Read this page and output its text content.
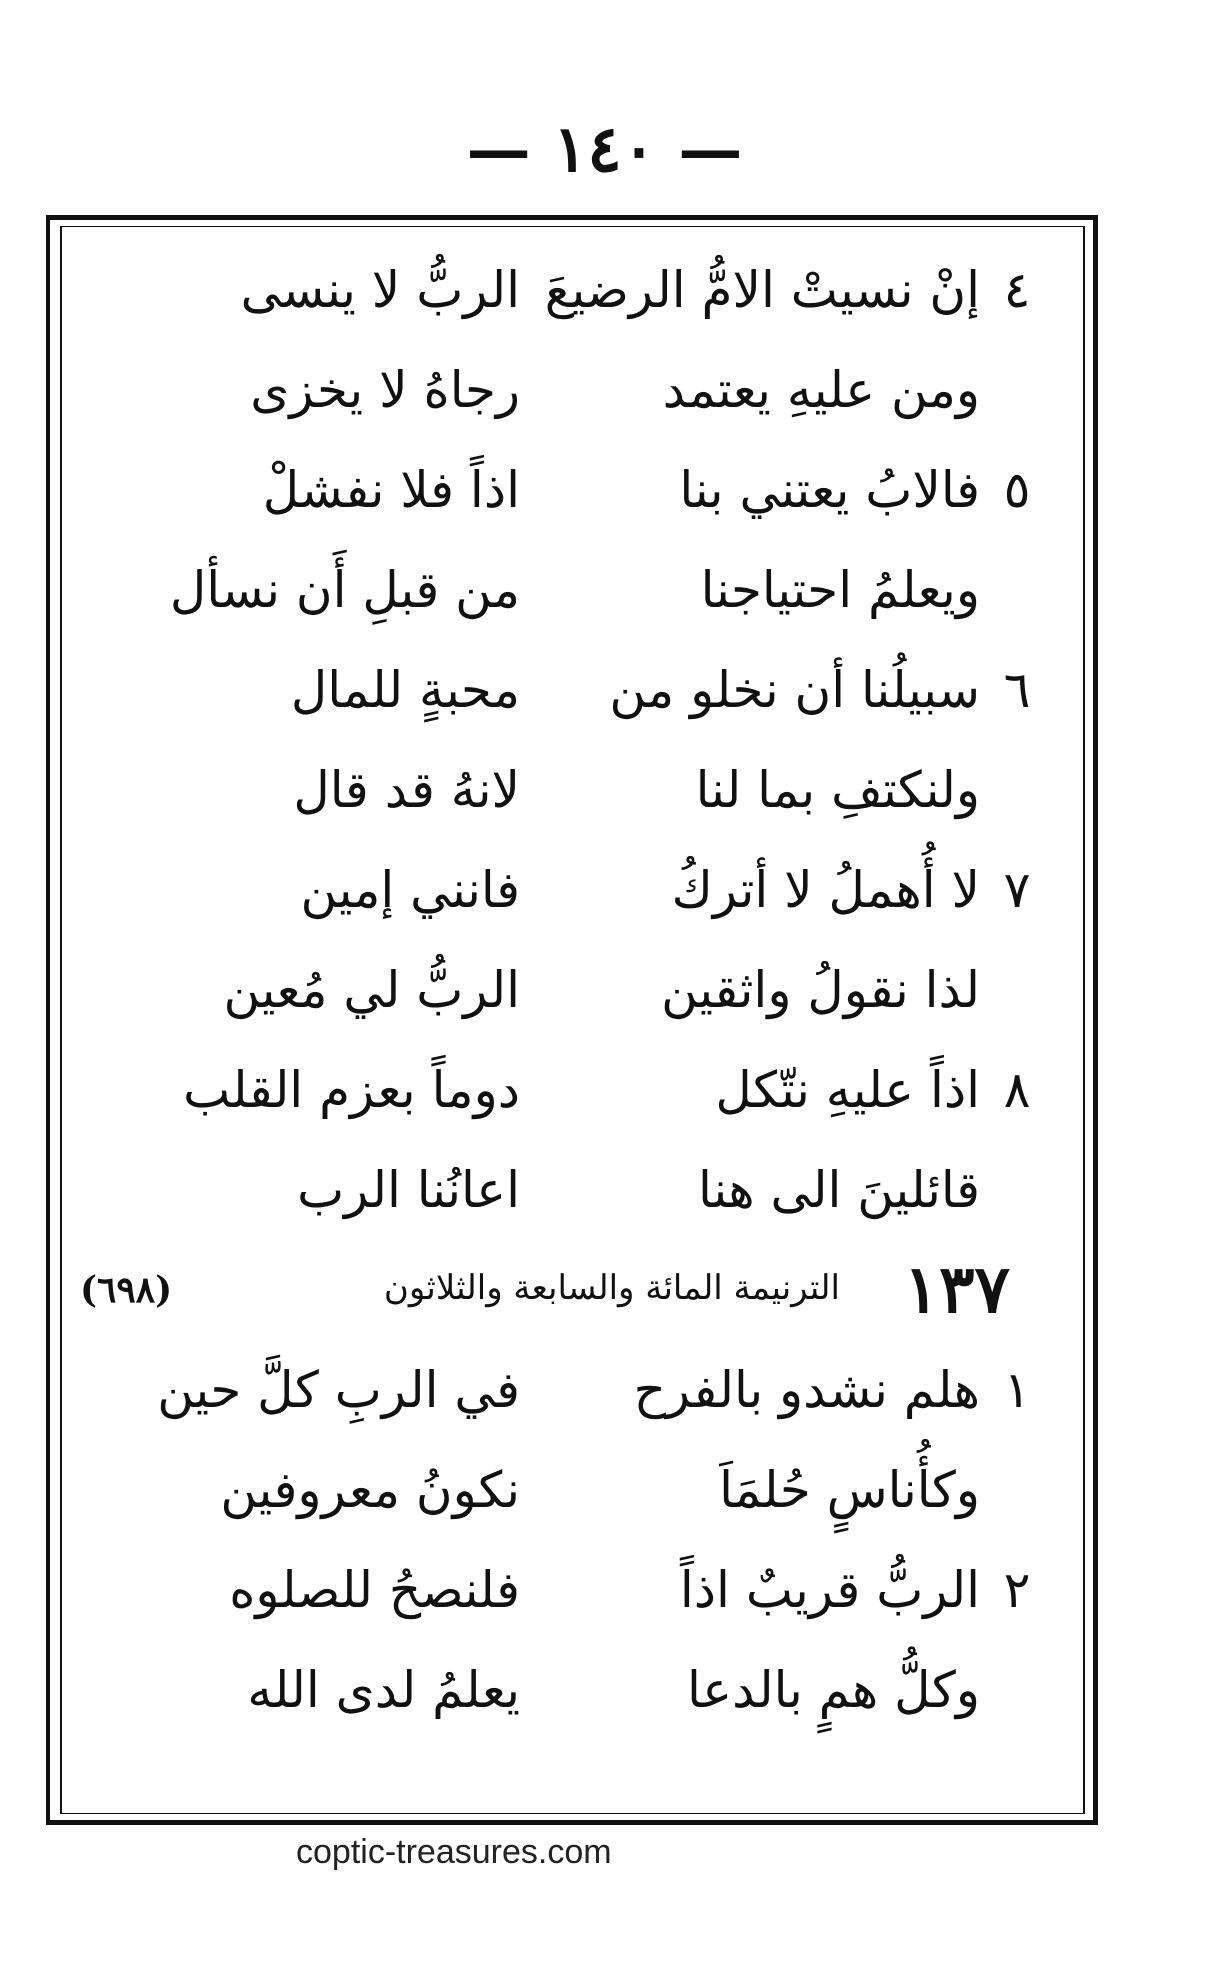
— ١٤٠ —
٤
إنْ نسيتْ الامُّ الرضيعَ
الربُّ لا ينسى
ومن عليهِ يعتمد
رجاهُ لا يخزى
٥
فالابُ يعتني بنا
اذاً فلا نفشلْ
ويعلمُ احتياجنا
من قبلِ أَن نسأل
٦
سبيلُنا أن نخلو من
محبةٍ للمال
ولنكتفِ بما لنا
لانهُ قد قال
٧
لا أُهملُ لا أتركُ
فانني إمين
لذا نقولُ واثقين
الربُّ لي مُعين
٨
اذاً عليهِ نتّكل
دوماً بعزم القلب
قائلينَ الى هنا
اعانُنا الرب
١٣٧
الترنيمة المائة والسابعة والثلاثون
(٦٩٨)
١
هلم نشدو بالفرح
في الربِ كلَّ حين
وكأُناسٍ حُلمَاَ
نكونُ معروفين
٢
الربُّ قريبٌ اذاً
فلنصحُ للصلوه
وكلُّ همٍ بالدعا
يعلمُ لدى الله
coptic-treasures.com
